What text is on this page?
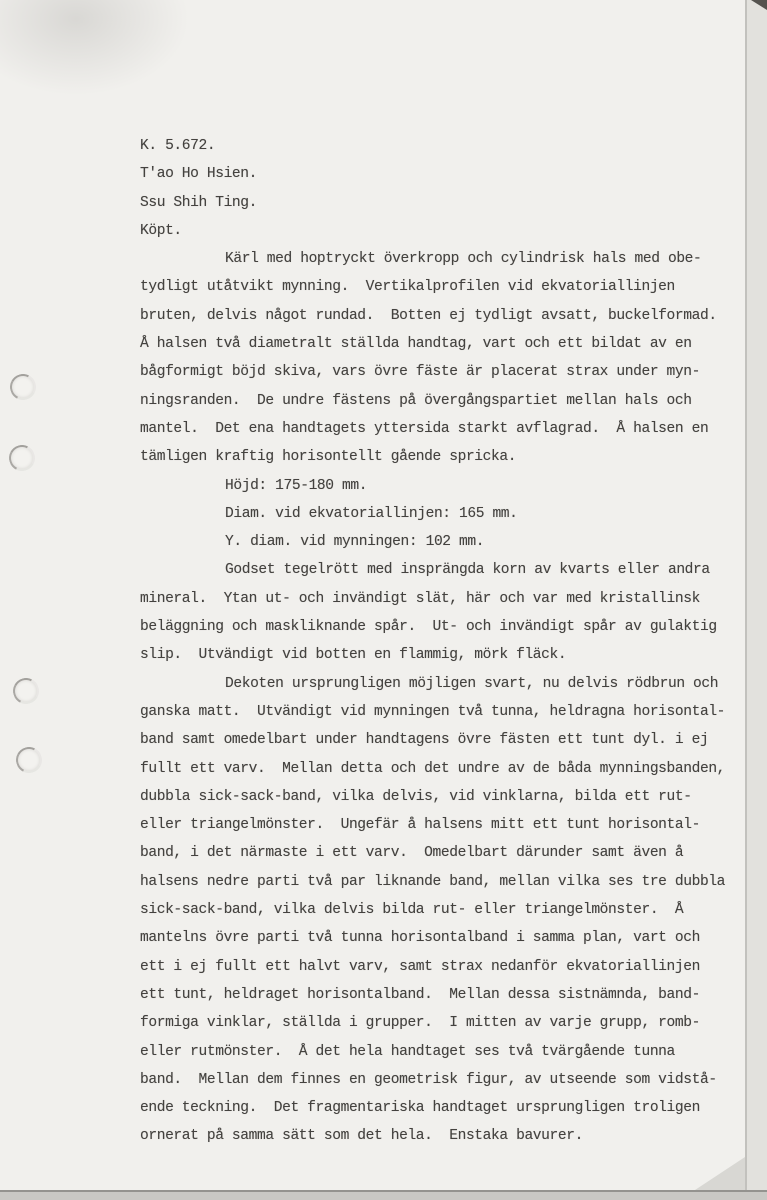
K. 5.672.
T'ao Ho Hsien.
Ssu Shih Ting.
Köpt.
Kärl med hoptryckt överkropp och cylindrisk hals med obe-
tydligt utåtvikt mynning.  Vertikalprofilen vid ekvatoriallinjen
bruten, delvis något rundad.  Botten ej tydligt avsatt, buckelformad.
Å halsen två diametralt ställda handtag, vart och ett bildat av en
bågformigt böjd skiva, vars övre fäste är placerat strax under myn-
ningsranden.  De undre fästens på övergångspartiet mellan hals och
mantel.  Det ena handtagets yttersida starkt avflagrad.  Å halsen en
tämligen kraftig horisontellt gående spricka.
Höjd: 175-180 mm.
Diam. vid ekvatoriallinjen: 165 mm.
Y. diam. vid mynningen: 102 mm.
Godset tegelrött med insprängda korn av kvarts eller andra
mineral.  Ytan ut- och invändigt slät, här och var med kristallinsk
beläggning och maskliknande spår.  Ut- och invändigt spår av gulaktig
slip.  Utvändigt vid botten en flammig, mörk fläck.
Dekoten ursprungligen möjligen svart, nu delvis rödbrun och
ganska matt.  Utvändigt vid mynningen två tunna, heldragna horisontal-
band samt omedelbart under handtagens övre fästen ett tunt dyl. i ej
fullt ett varv.  Mellan detta och det undre av de båda mynningsbanden,
dubbla sick-sack-band, vilka delvis, vid vinklarna, bilda ett rut-
eller triangelmönster.  Ungefär å halsens mitt ett tunt horisontal-
band, i det närmaste i ett varv.  Omedelbart därunder samt även å
halsens nedre parti två par liknande band, mellan vilka ses tre dubbla
sick-sack-band, vilka delvis bilda rut- eller triangelmönster.  Å
mantelns övre parti två tunna horisontalband i samma plan, vart och
ett i ej fullt ett halvt varv, samt strax nedanför ekvatoriallinjen
ett tunt, heldraget horisontalband.  Mellan dessa sistnämnda, band-
formiga vinklar, ställda i grupper.  I mitten av varje grupp, romb-
eller rutmönster.  Å det hela handtaget ses två tvärgående tunna
band.  Mellan dem finnes en geometrisk figur, av utseende som vidstå-
ende teckning.  Det fragmentariska handtaget ursprungligen troligen
ornerat på samma sätt som det hela.  Enstaka bavurer.
